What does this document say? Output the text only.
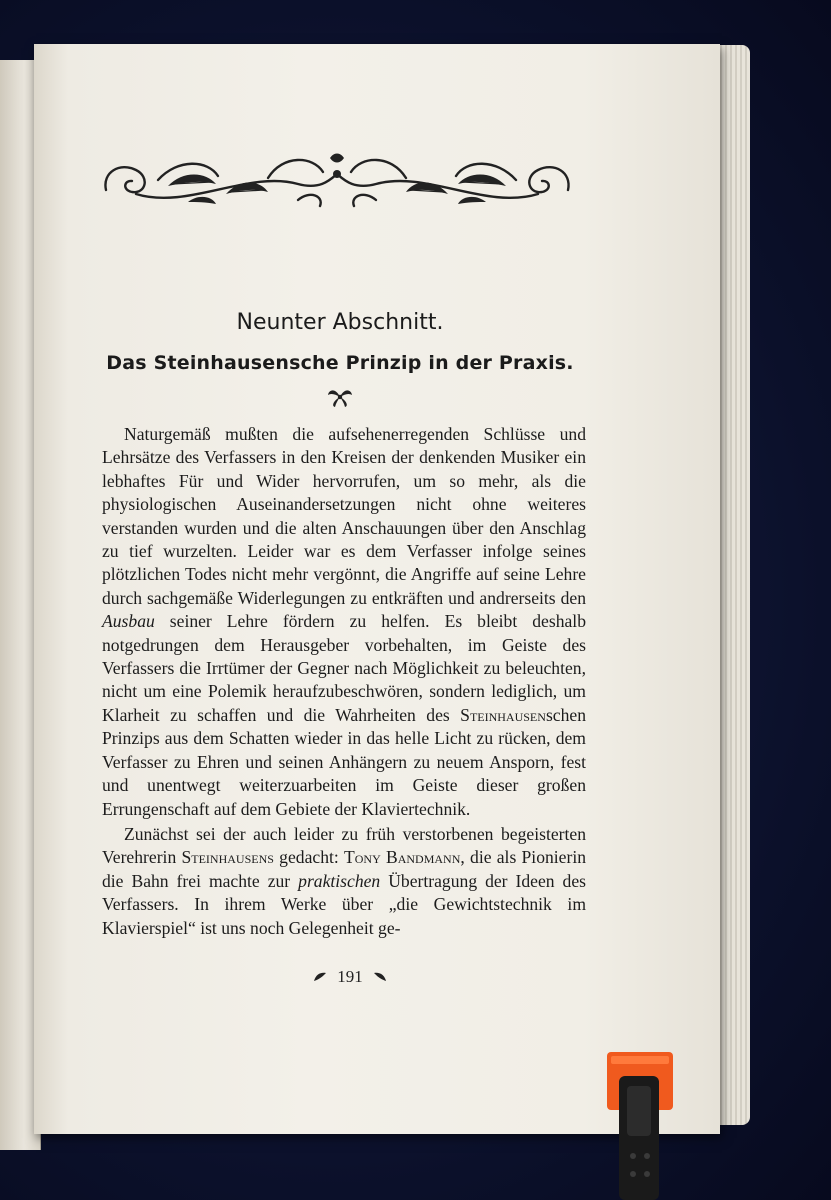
Neunter Abschnitt.
Das Steinhausensche Prinzip in der Praxis.

Naturgemäß mußten die aufsehenerregenden Schlüsse und Lehrsätze des Verfassers in den Kreisen der denkenden Musiker ein lebhaftes Für und Wider hervorrufen, um so mehr, als die physiologischen Auseinandersetzungen nicht ohne weiteres verstanden wurden und die alten Anschauungen über den Anschlag zu tief wurzelten. Leider war es dem Verfasser infolge seines plötzlichen Todes nicht mehr vergönnt, die Angriffe auf seine Lehre durch sachgemäße Widerlegungen zu entkräften und andrerseits den Ausbau seiner Lehre fördern zu helfen. Es bleibt deshalb notgedrungen dem Herausgeber vorbehalten, im Geiste des Verfassers die Irrtümer der Gegner nach Möglichkeit zu beleuchten, nicht um eine Polemik heraufzubeschwören, sondern lediglich, um Klarheit zu schaffen und die Wahrheiten des Steinhausenschen Prinzips aus dem Schatten wieder in das helle Licht zu rücken, dem Verfasser zu Ehren und seinen Anhängern zu neuem Ansporn, fest und unentwegt weiterzuarbeiten im Geiste dieser großen Errungenschaft auf dem Gebiete der Klaviertechnik.

Zunächst sei der auch leider zu früh verstorbenen begeisterten Verehrerin Steinhausens gedacht: Tony Bandmann, die als Pionierin die Bahn frei machte zur praktischen Übertragung der Ideen des Verfassers. In ihrem Werke über „die Gewichtstechnik im Klavierspiel“ ist uns noch Gelegenheit ge-

191
